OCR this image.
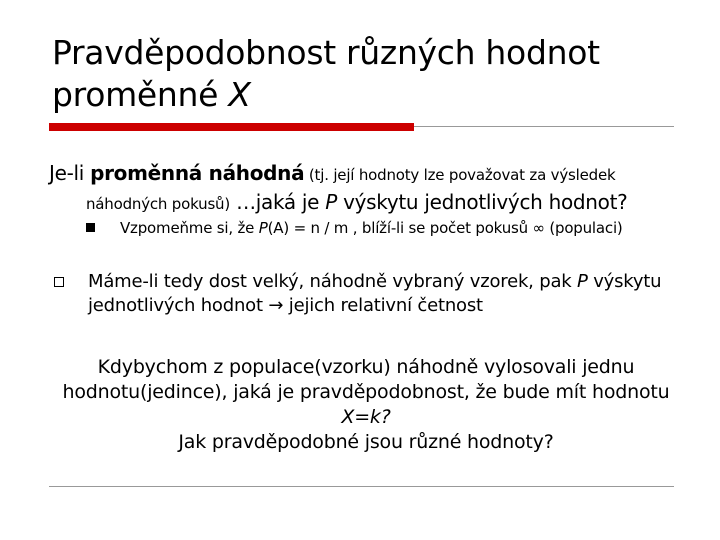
Pravděpodobnost různých hodnot
proměnné X
Je-li proměnná náhodná (tj. její hodnoty lze považovat za výsledek
náhodných pokusů) …jaká je P výskytu jednotlivých hodnot?
Vzpomeňme si, že P(A) = n / m , blíží-li se počet pokusů ∞ (populaci)
Máme-li tedy dost velký, náhodně vybraný vzorek, pak P výskytu jednotlivých hodnot → jejich relativní četnost
Kdybychom z populace(vzorku) náhodně vylosovali jednu
hodnotu(jedince), jaká je pravděpodobnost, že bude mít hodnotu
X=k?
Jak pravděpodobné jsou různé hodnoty?
